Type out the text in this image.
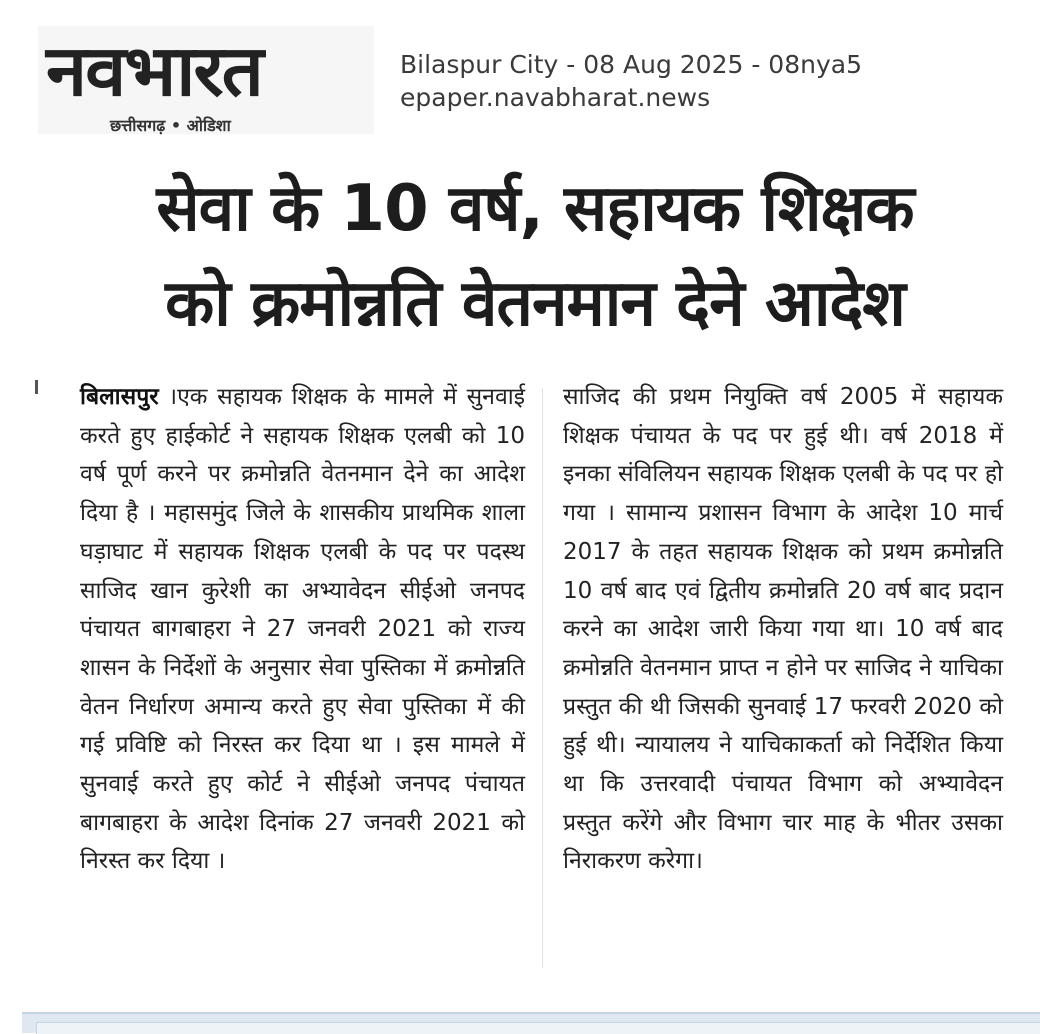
नवभारत
छत्तीसगढ़ • ओडिशा
Bilaspur City - 08 Aug 2025 - 08nya5
epaper.navabharat.news
सेवा के 10 वर्ष, सहायक शिक्षक
को क्रमोन्नति वेतनमान देने आदेश
बिलासपुर ।एक सहायक शिक्षक के मामले में सुनवाई करते हुए हाईकोर्ट ने सहायक शिक्षक एलबी को 10 वर्ष पूर्ण करने पर क्रमोन्नति वेतनमान देने का आदेश दिया है । महासमुंद जिले के शासकीय प्राथमिक शाला घड़ाघाट में सहायक शिक्षक एलबी के पद पर पदस्थ साजिद खान कुरेशी का अभ्यावेदन सीईओ जनपद पंचायत बागबाहरा ने 27 जनवरी 2021 को राज्य शासन के निर्देशों के अनुसार सेवा पुस्तिका में क्रमोन्नति वेतन निर्धारण अमान्य करते हुए सेवा पुस्तिका में की गई प्रविष्टि को निरस्त कर दिया था । इस मामले में सुनवाई करते हुए कोर्ट ने सीईओ जनपद पंचायत बागबाहरा के आदेश दिनांक 27 जनवरी 2021 को निरस्त कर दिया ।
साजिद की प्रथम नियुक्ति वर्ष 2005 में सहायक शिक्षक पंचायत के पद पर हुई थी। वर्ष 2018 में इनका संविलियन सहायक शिक्षक एलबी के पद पर हो गया । सामान्य प्रशासन विभाग के आदेश 10 मार्च 2017 के तहत सहायक शिक्षक को प्रथम क्रमोन्नति 10 वर्ष बाद एवं द्वितीय क्रमोन्नति 20 वर्ष बाद प्रदान करने का आदेश जारी किया गया था। 10 वर्ष बाद क्रमोन्नति वेतनमान प्राप्त न होने पर साजिद ने याचिका प्रस्तुत की थी जिसकी सुनवाई 17 फरवरी 2020 को हुई थी। न्यायालय ने याचिकाकर्ता को निर्देशित किया था कि उत्तरवादी पंचायत विभाग को अभ्यावेदन प्रस्तुत करेंगे और विभाग चार माह के भीतर उसका निराकरण करेगा।
